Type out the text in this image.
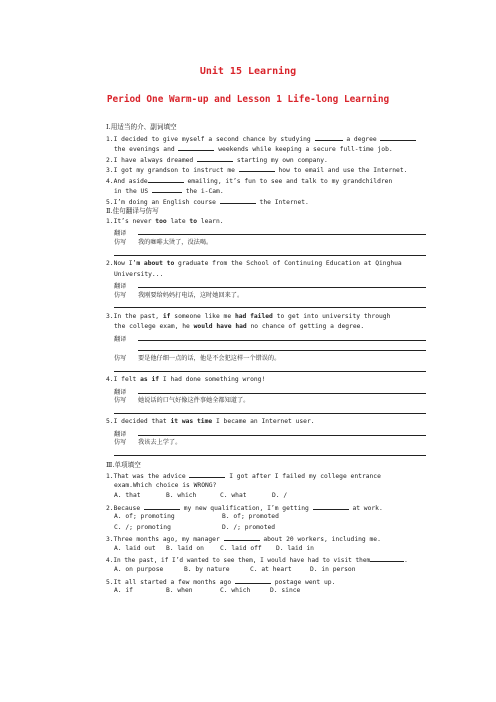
Unit 15 Learning
Period One Warm-up and Lesson 1 Life-long Learning
Ⅰ.用适当的介、副词填空
1.I decided to give myself a second chance by studying	a degree
the evenings and	weekends while keeping a secure full-time job.
2.I have always dreamed	starting my own company.
3.I got my grandson to instruct me	how to email and use the Internet.
4.And aside	emailing, it’s fun to see and talk to my grandchildren
in the US	the i-Cam.
5.I’m doing an English course	the Internet.
Ⅱ.佳句翻译与仿写
1.It’s never too late to learn.
翻译
仿写 我的咖啡太烫了，没法喝。
2.Now I’m about to graduate from the School of Continuing Education at Qinghua
University...
翻译
仿写 我刚要给妈妈打电话，这时她回来了。
3.In the past, if someone like me had failed to get into university through
the college exam, he would have had no chance of getting a degree.
翻译
仿写 要是他仔细一点的话，他是不会犯这样一个错误的。
4.I felt as if I had done something wrong!
翻译
仿写 她说话的口气好像这件事她全都知道了。
5.I decided that it was time I became an Internet user.
翻译
仿写 我该去上学了。
Ⅲ.单项填空
1.That was the advice	I got after I failed my college entrance
exam.Which choice is WRONG?
A. that	B. which	C. what	D. /
2.Because	my new qualification, I’m getting	at work.
A. of; promoting	B. of; promoted
C. /; promoting	D. /; promoted
3.Three months ago, my manager	about 20 workers, including me.
A. laid out B. laid on	C. laid off D. laid in
4.In the past, if I’d wanted to see them, I would have had to visit them	.
A. on purpose	B. by nature	C. at heart	D. in person
5.It all started a few months ago	postage went up.
A. if	B. when	C. which	D. since
